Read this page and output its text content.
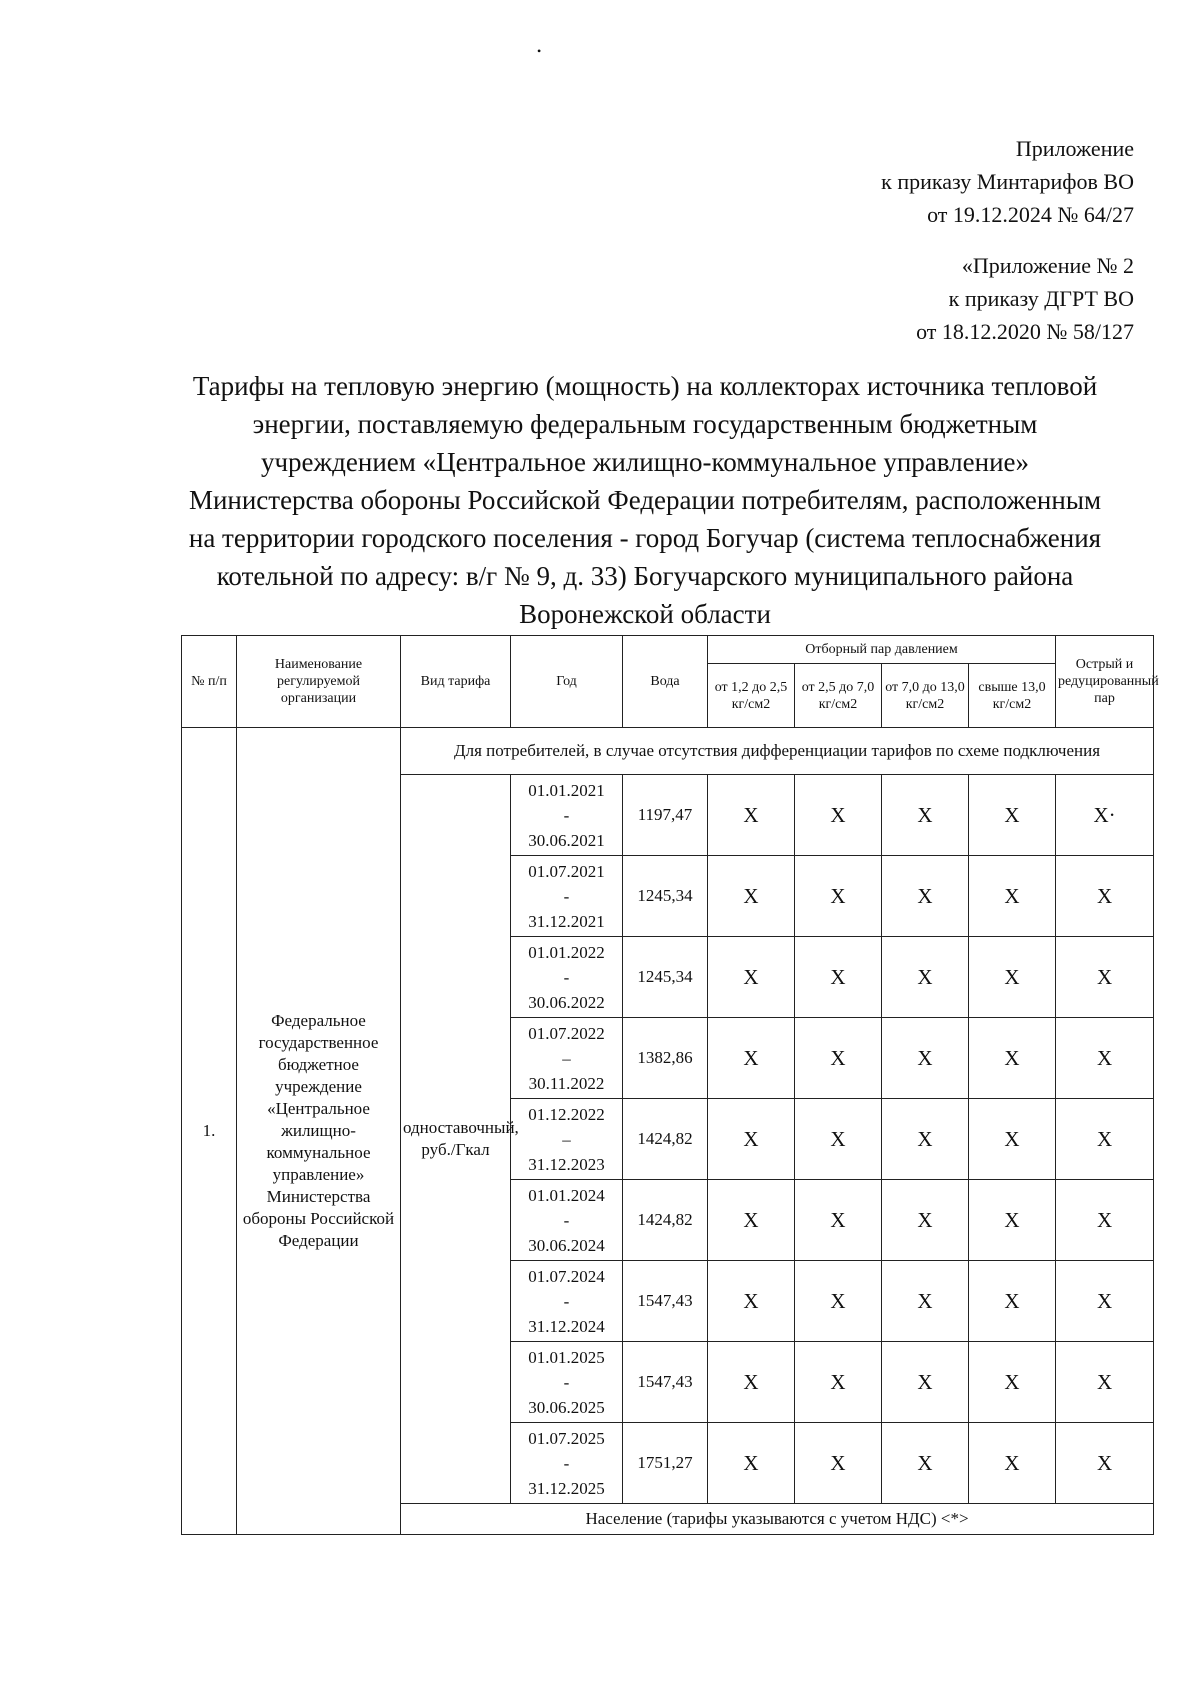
•
Приложение
к приказу Минтарифов ВО
от 19.12.2024 № 64/27
«Приложение № 2
к приказу ДГРТ ВО
от 18.12.2020 № 58/127
Тарифы на тепловую энергию (мощность) на коллекторах источника тепловой
энергии, поставляемую федеральным государственным бюджетным
учреждением «Центральное жилищно-коммунальное управление»
Министерства обороны Российской Федерации потребителям, расположенным
на территории городского поселения - город Богучар (система теплоснабжения
котельной по адресу: в/г № 9, д. 33) Богучарского муниципального района
Воронежской области
№ п/п	Наименование регулируемой организации	Вид тарифа	Год	Вода	Отборный пар давлением				Острый и редуцированный пар
					от 1,2 до 2,5 кг/см2	от 2,5 до 7,0 кг/см2	от 7,0 до 13,0 кг/см2	свыше 13,0 кг/см2	
1.	Федеральное государственное бюджетное учреждение «Центральное жилищно-коммунальное управление» Министерства обороны Российской Федерации	Для потребителей, в случае отсутствия дифференциации тарифов по схеме подключения							
		одноставочный, руб./Гкал	01.01.2021
-
30.06.2021	1197,47	X	X	X	X	X·

			01.07.2021
-
31.12.2021	1245,34	X	X	X	X	X

			01.01.2022
-
30.06.2022	1245,34	X	X	X	X	X

			01.07.2022
–
30.11.2022	1382,86	X	X	X	X	X

			01.12.2022
–
31.12.2023	1424,82	X	X	X	X	X

			01.01.2024
-
30.06.2024	1424,82	X	X	X	X	X

			01.07.2024
-
31.12.2024	1547,43	X	X	X	X	X

			01.01.2025
-
30.06.2025	1547,43	X	X	X	X	X

			01.07.2025
-
31.12.2025	1751,27	X	X	X	X	X
		Население (тарифы указываются с учетом НДС) <*>							
